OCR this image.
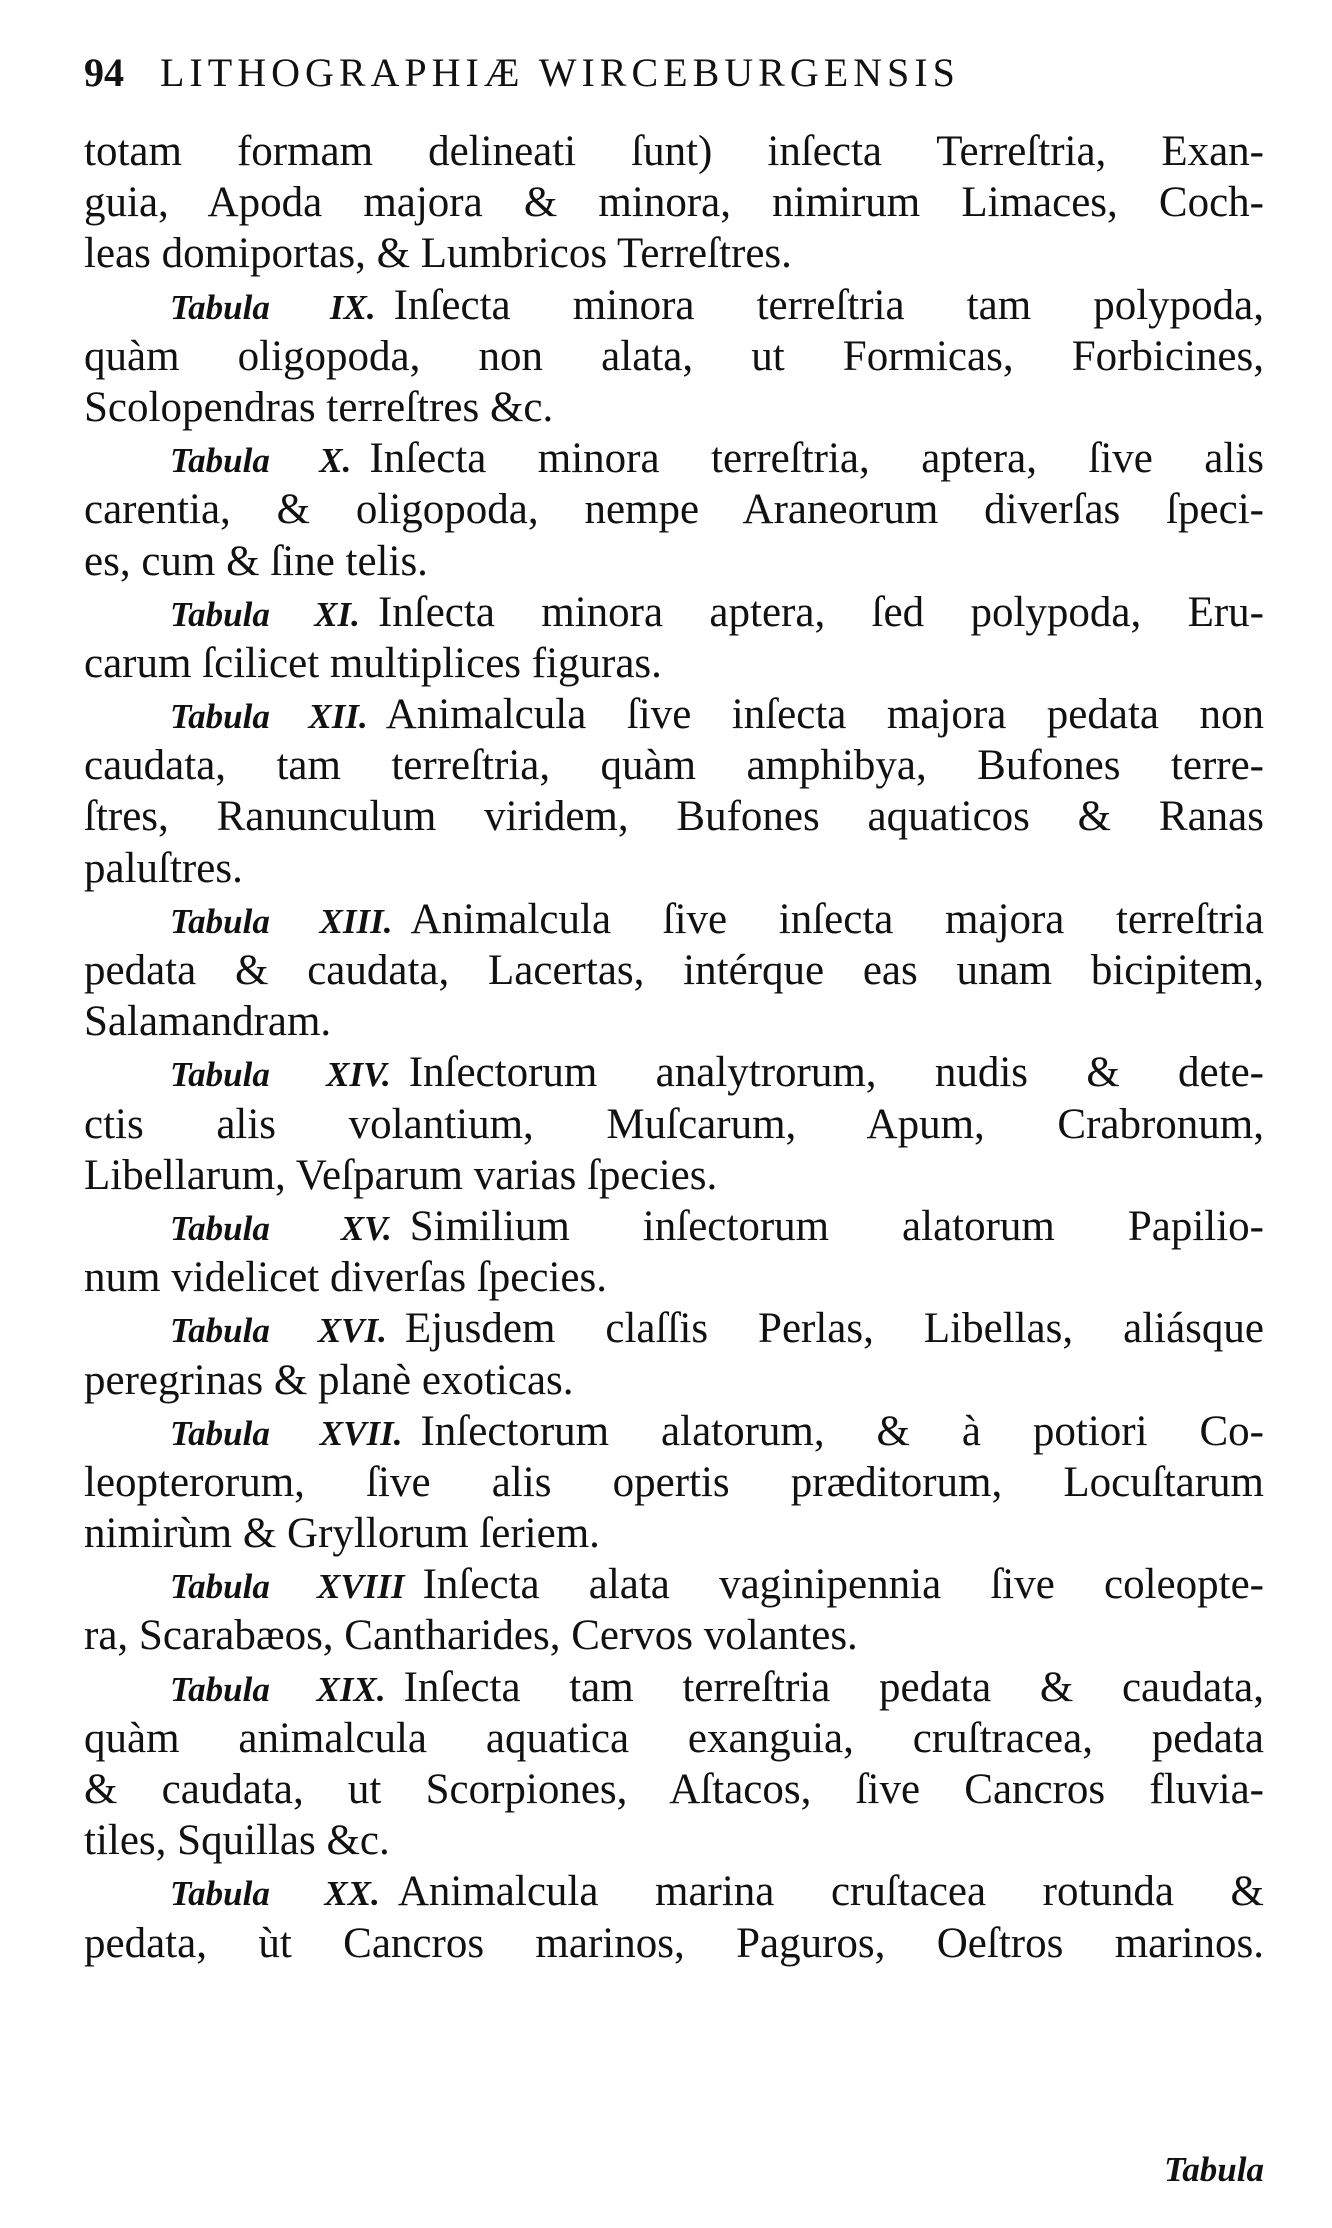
94 LITHOGRAPHIÆ WIRCEBURGENSIS
totam formam delineati ſunt) inſecta Terreſtria, Exan-
guia, Apoda majora & minora, nimirum Limaces, Coch-
leas domiportas, & Lumbricos Terreſtres.
Tabula IX. Inſecta minora terreſtria tam polypoda,
quàm oligopoda, non alata, ut Formicas, Forbicines,
Scolopendras terreſtres &c.
Tabula X. Inſecta minora terreſtria, aptera, ſive alis
carentia, & oligopoda, nempe Araneorum diverſas ſpeci-
es, cum & ſine telis.
Tabula XI. Inſecta minora aptera, ſed polypoda, Eru-
carum ſcilicet multiplices figuras.
Tabula XII. Animalcula ſive inſecta majora pedata non
caudata, tam terreſtria, quàm amphibya, Bufones terre-
ſtres, Ranunculum viridem, Bufones aquaticos & Ranas
paluſtres.
Tabula XIII. Animalcula ſive inſecta majora terreſtria
pedata & caudata, Lacertas, intérque eas unam bicipitem,
Salamandram.
Tabula XIV. Inſectorum analytrorum, nudis & dete-
ctis alis volantium, Muſcarum, Apum, Crabronum,
Libellarum, Veſparum varias ſpecies.
Tabula XV. Similium inſectorum alatorum Papilio-
num videlicet diverſas ſpecies.
Tabula XVI. Ejusdem claſſis Perlas, Libellas, aliásque
peregrinas & planè exoticas.
Tabula XVII. Inſectorum alatorum, & à potiori Co-
leopterorum, ſive alis opertis præditorum, Locuſtarum
nimirùm & Gryllorum ſeriem.
Tabula XVIII Inſecta alata vaginipennia ſive coleopte-
ra, Scarabæos, Cantharides, Cervos volantes.
Tabula XIX. Inſecta tam terreſtria pedata & caudata,
quàm animalcula aquatica exanguia, cruſtracea, pedata
& caudata, ut Scorpiones, Aſtacos, ſive Cancros fluvia-
tiles, Squillas &c.
Tabula XX. Animalcula marina cruſtacea rotunda &
pedata, ùt Cancros marinos, Paguros, Oeſtros marinos.
Tabula
